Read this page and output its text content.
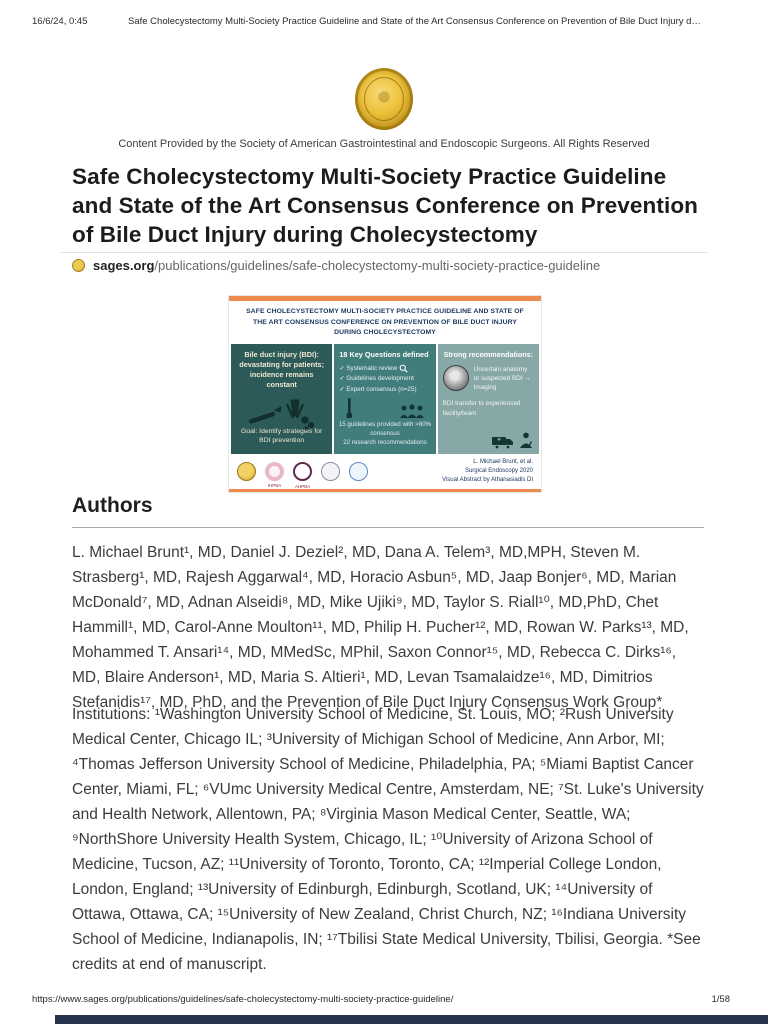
16/6/24, 0:45	Safe Cholecystectomy Multi-Society Practice Guideline and State of the Art Consensus Conference on Prevention of Bile Duct Injury d…
Content Provided by the Society of American Gastrointestinal and Endoscopic Surgeons. All Rights Reserved
Safe Cholecystectomy Multi-Society Practice Guideline and State of the Art Consensus Conference on Prevention of Bile Duct Injury during Cholecystectomy
sages.org/publications/guidelines/safe-cholecystectomy-multi-society-practice-guideline
SAFE CHOLECYSTECTOMY MULTI-SOCIETY PRACTICE GUIDELINE AND STATE OF THE ART CONSENSUS CONFERENCE ON PREVENTION OF BILE DUCT INJURY DURING CHOLECYSTECTOMY
Bile duct injury (BDI): devastating for patients; incidence remains constant
Goal: Identify strategies for BDI prevention
18 Key Questions defined
✓ Systematic review
✓ Guidelines development
✓ Expert consensus (n=25)
15 guidelines provided with >80% consensus
22 research recommendations
Strong recommendations:
Uncertain anatomy or suspected BDI → Imaging
BDI transfer to experienced facility/team
IHPBA	AHPBA
L. Michael Brunt, et al.
Surgical Endoscopy 2020
Visual Abstract by Athanasiadis DI
Authors

L. Michael Brunt¹, MD, Daniel J. Deziel², MD, Dana A. Telem³, MD,MPH, Steven M. Strasberg¹, MD, Rajesh Aggarwal⁴, MD, Horacio Asbun⁵, MD, Jaap Bonjer⁶, MD, Marian McDonald⁷, MD, Adnan Alseidi⁸, MD, Mike Ujiki⁹, MD, Taylor S. Riall¹⁰, MD,PhD, Chet Hammill¹, MD, Carol-Anne Moulton¹¹, MD, Philip H. Pucher¹², MD, Rowan W. Parks¹³, MD, Mohammed T. Ansari¹⁴, MD, MMedSc, MPhil, Saxon Connor¹⁵, MD, Rebecca C. Dirks¹⁶, MD, Blaire Anderson¹, MD, Maria S. Altieri¹, MD, Levan Tsamalaidze¹⁶, MD, Dimitrios Stefanidis¹⁷, MD, PhD, and the Prevention of Bile Duct Injury Consensus Work Group*

Institutions: ¹Washington University School of Medicine, St. Louis, MO; ²Rush University Medical Center, Chicago IL; ³University of Michigan School of Medicine, Ann Arbor, MI; ⁴Thomas Jefferson University School of Medicine, Philadelphia, PA; ⁵Miami Baptist Cancer Center, Miami, FL; ⁶VUmc University Medical Centre, Amsterdam, NE; ⁷St. Luke's University and Health Network, Allentown, PA; ⁸Virginia Mason Medical Center, Seattle, WA; ⁹NorthShore University Health System, Chicago, IL; ¹⁰University of Arizona School of Medicine, Tucson, AZ; ¹¹University of Toronto, Toronto, CA; ¹²Imperial College London, London, England; ¹³University of Edinburgh, Edinburgh, Scotland, UK; ¹⁴University of Ottawa, Ottawa, CA; ¹⁵University of New Zealand, Christ Church, NZ; ¹⁶Indiana University School of Medicine, Indianapolis, IN; ¹⁷Tbilisi State Medical University, Tbilisi, Georgia. *See credits at end of manuscript.

https://www.sages.org/publications/guidelines/safe-cholecystectomy-multi-society-practice-guideline/	1/58
